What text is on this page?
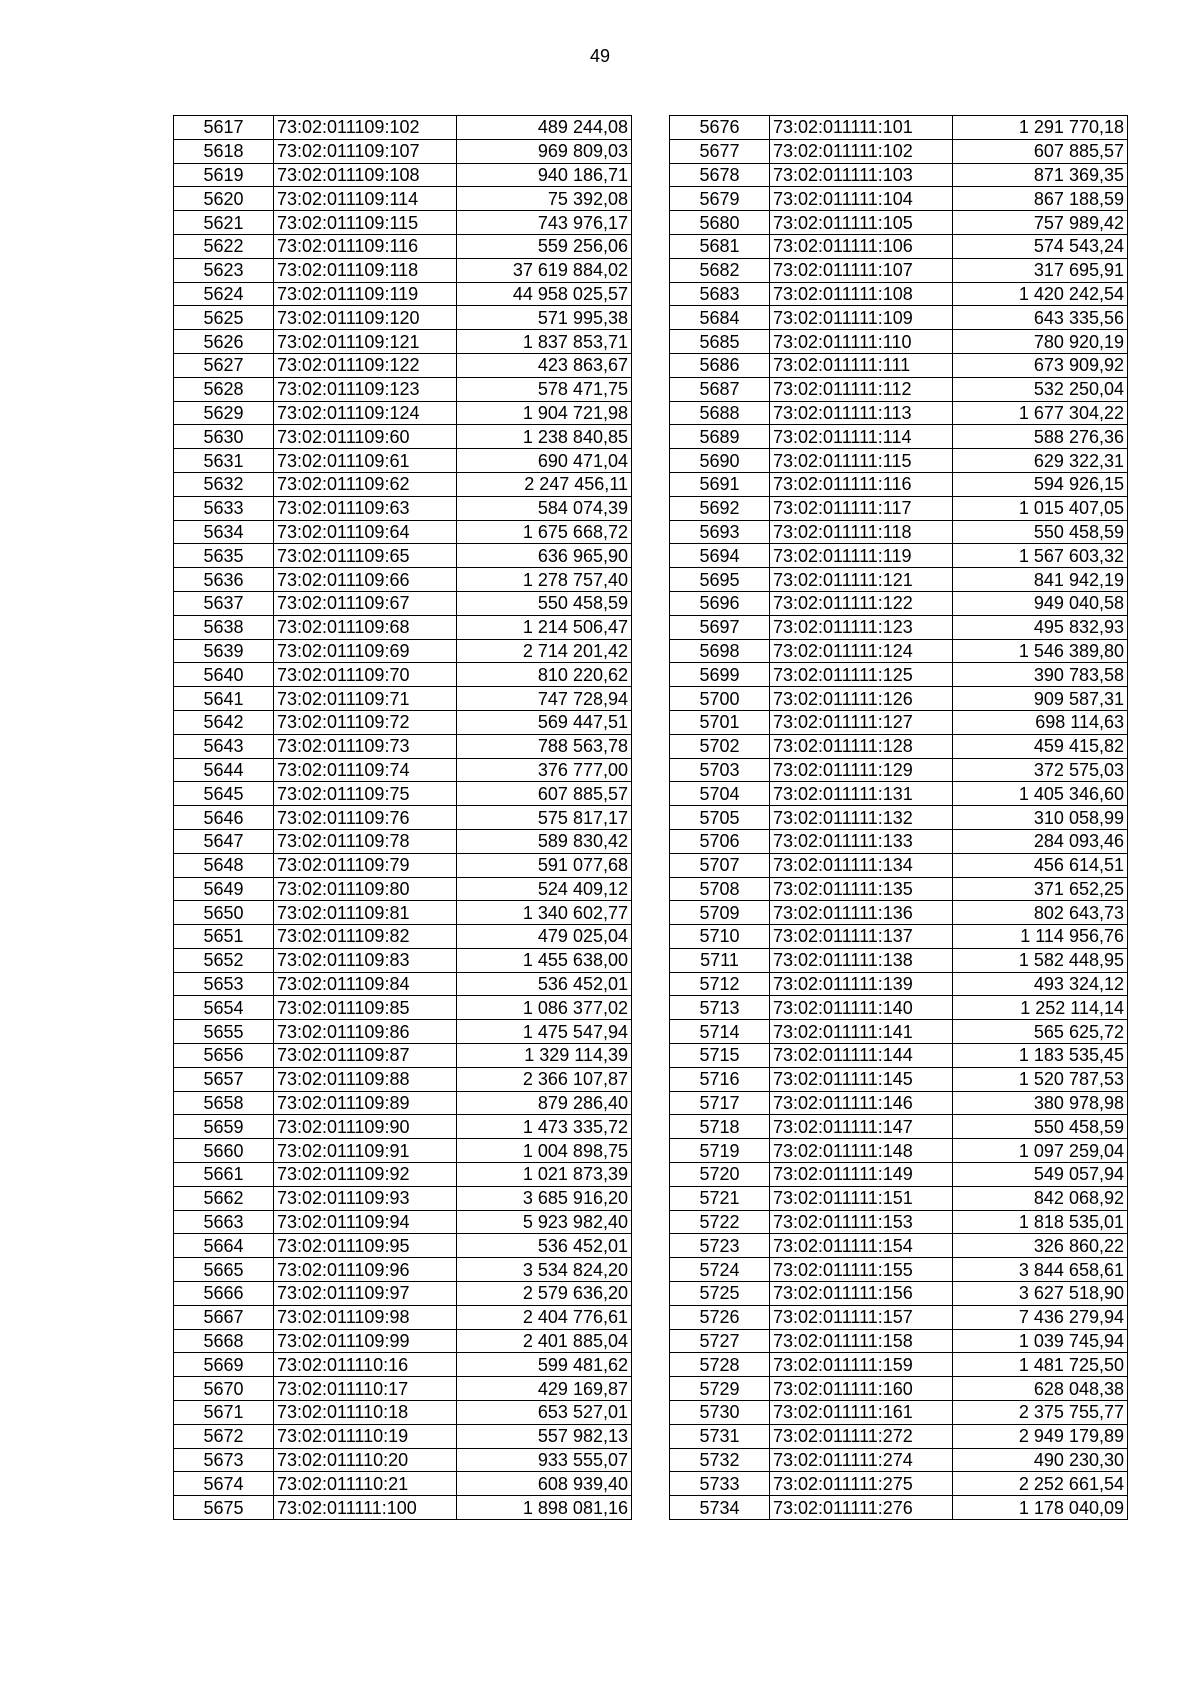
49
5617	73:02:011109:102	489 244,08
5618	73:02:011109:107	969 809,03
5619	73:02:011109:108	940 186,71
5620	73:02:011109:114	75 392,08
5621	73:02:011109:115	743 976,17
5622	73:02:011109:116	559 256,06
5623	73:02:011109:118	37 619 884,02
5624	73:02:011109:119	44 958 025,57
5625	73:02:011109:120	571 995,38
5626	73:02:011109:121	1 837 853,71
5627	73:02:011109:122	423 863,67
5628	73:02:011109:123	578 471,75
5629	73:02:011109:124	1 904 721,98
5630	73:02:011109:60	1 238 840,85
5631	73:02:011109:61	690 471,04
5632	73:02:011109:62	2 247 456,11
5633	73:02:011109:63	584 074,39
5634	73:02:011109:64	1 675 668,72
5635	73:02:011109:65	636 965,90
5636	73:02:011109:66	1 278 757,40
5637	73:02:011109:67	550 458,59
5638	73:02:011109:68	1 214 506,47
5639	73:02:011109:69	2 714 201,42
5640	73:02:011109:70	810 220,62
5641	73:02:011109:71	747 728,94
5642	73:02:011109:72	569 447,51
5643	73:02:011109:73	788 563,78
5644	73:02:011109:74	376 777,00
5645	73:02:011109:75	607 885,57
5646	73:02:011109:76	575 817,17
5647	73:02:011109:78	589 830,42
5648	73:02:011109:79	591 077,68
5649	73:02:011109:80	524 409,12
5650	73:02:011109:81	1 340 602,77
5651	73:02:011109:82	479 025,04
5652	73:02:011109:83	1 455 638,00
5653	73:02:011109:84	536 452,01
5654	73:02:011109:85	1 086 377,02
5655	73:02:011109:86	1 475 547,94
5656	73:02:011109:87	1 329 114,39
5657	73:02:011109:88	2 366 107,87
5658	73:02:011109:89	879 286,40
5659	73:02:011109:90	1 473 335,72
5660	73:02:011109:91	1 004 898,75
5661	73:02:011109:92	1 021 873,39
5662	73:02:011109:93	3 685 916,20
5663	73:02:011109:94	5 923 982,40
5664	73:02:011109:95	536 452,01
5665	73:02:011109:96	3 534 824,20
5666	73:02:011109:97	2 579 636,20
5667	73:02:011109:98	2 404 776,61
5668	73:02:011109:99	2 401 885,04
5669	73:02:011110:16	599 481,62
5670	73:02:011110:17	429 169,87
5671	73:02:011110:18	653 527,01
5672	73:02:011110:19	557 982,13
5673	73:02:011110:20	933 555,07
5674	73:02:011110:21	608 939,40
5675	73:02:011111:100	1 898 081,16
5676	73:02:011111:101	1 291 770,18
5677	73:02:011111:102	607 885,57
5678	73:02:011111:103	871 369,35
5679	73:02:011111:104	867 188,59
5680	73:02:011111:105	757 989,42
5681	73:02:011111:106	574 543,24
5682	73:02:011111:107	317 695,91
5683	73:02:011111:108	1 420 242,54
5684	73:02:011111:109	643 335,56
5685	73:02:011111:110	780 920,19
5686	73:02:011111:111	673 909,92
5687	73:02:011111:112	532 250,04
5688	73:02:011111:113	1 677 304,22
5689	73:02:011111:114	588 276,36
5690	73:02:011111:115	629 322,31
5691	73:02:011111:116	594 926,15
5692	73:02:011111:117	1 015 407,05
5693	73:02:011111:118	550 458,59
5694	73:02:011111:119	1 567 603,32
5695	73:02:011111:121	841 942,19
5696	73:02:011111:122	949 040,58
5697	73:02:011111:123	495 832,93
5698	73:02:011111:124	1 546 389,80
5699	73:02:011111:125	390 783,58
5700	73:02:011111:126	909 587,31
5701	73:02:011111:127	698 114,63
5702	73:02:011111:128	459 415,82
5703	73:02:011111:129	372 575,03
5704	73:02:011111:131	1 405 346,60
5705	73:02:011111:132	310 058,99
5706	73:02:011111:133	284 093,46
5707	73:02:011111:134	456 614,51
5708	73:02:011111:135	371 652,25
5709	73:02:011111:136	802 643,73
5710	73:02:011111:137	1 114 956,76
5711	73:02:011111:138	1 582 448,95
5712	73:02:011111:139	493 324,12
5713	73:02:011111:140	1 252 114,14
5714	73:02:011111:141	565 625,72
5715	73:02:011111:144	1 183 535,45
5716	73:02:011111:145	1 520 787,53
5717	73:02:011111:146	380 978,98
5718	73:02:011111:147	550 458,59
5719	73:02:011111:148	1 097 259,04
5720	73:02:011111:149	549 057,94
5721	73:02:011111:151	842 068,92
5722	73:02:011111:153	1 818 535,01
5723	73:02:011111:154	326 860,22
5724	73:02:011111:155	3 844 658,61
5725	73:02:011111:156	3 627 518,90
5726	73:02:011111:157	7 436 279,94
5727	73:02:011111:158	1 039 745,94
5728	73:02:011111:159	1 481 725,50
5729	73:02:011111:160	628 048,38
5730	73:02:011111:161	2 375 755,77
5731	73:02:011111:272	2 949 179,89
5732	73:02:011111:274	490 230,30
5733	73:02:011111:275	2 252 661,54
5734	73:02:011111:276	1 178 040,09
